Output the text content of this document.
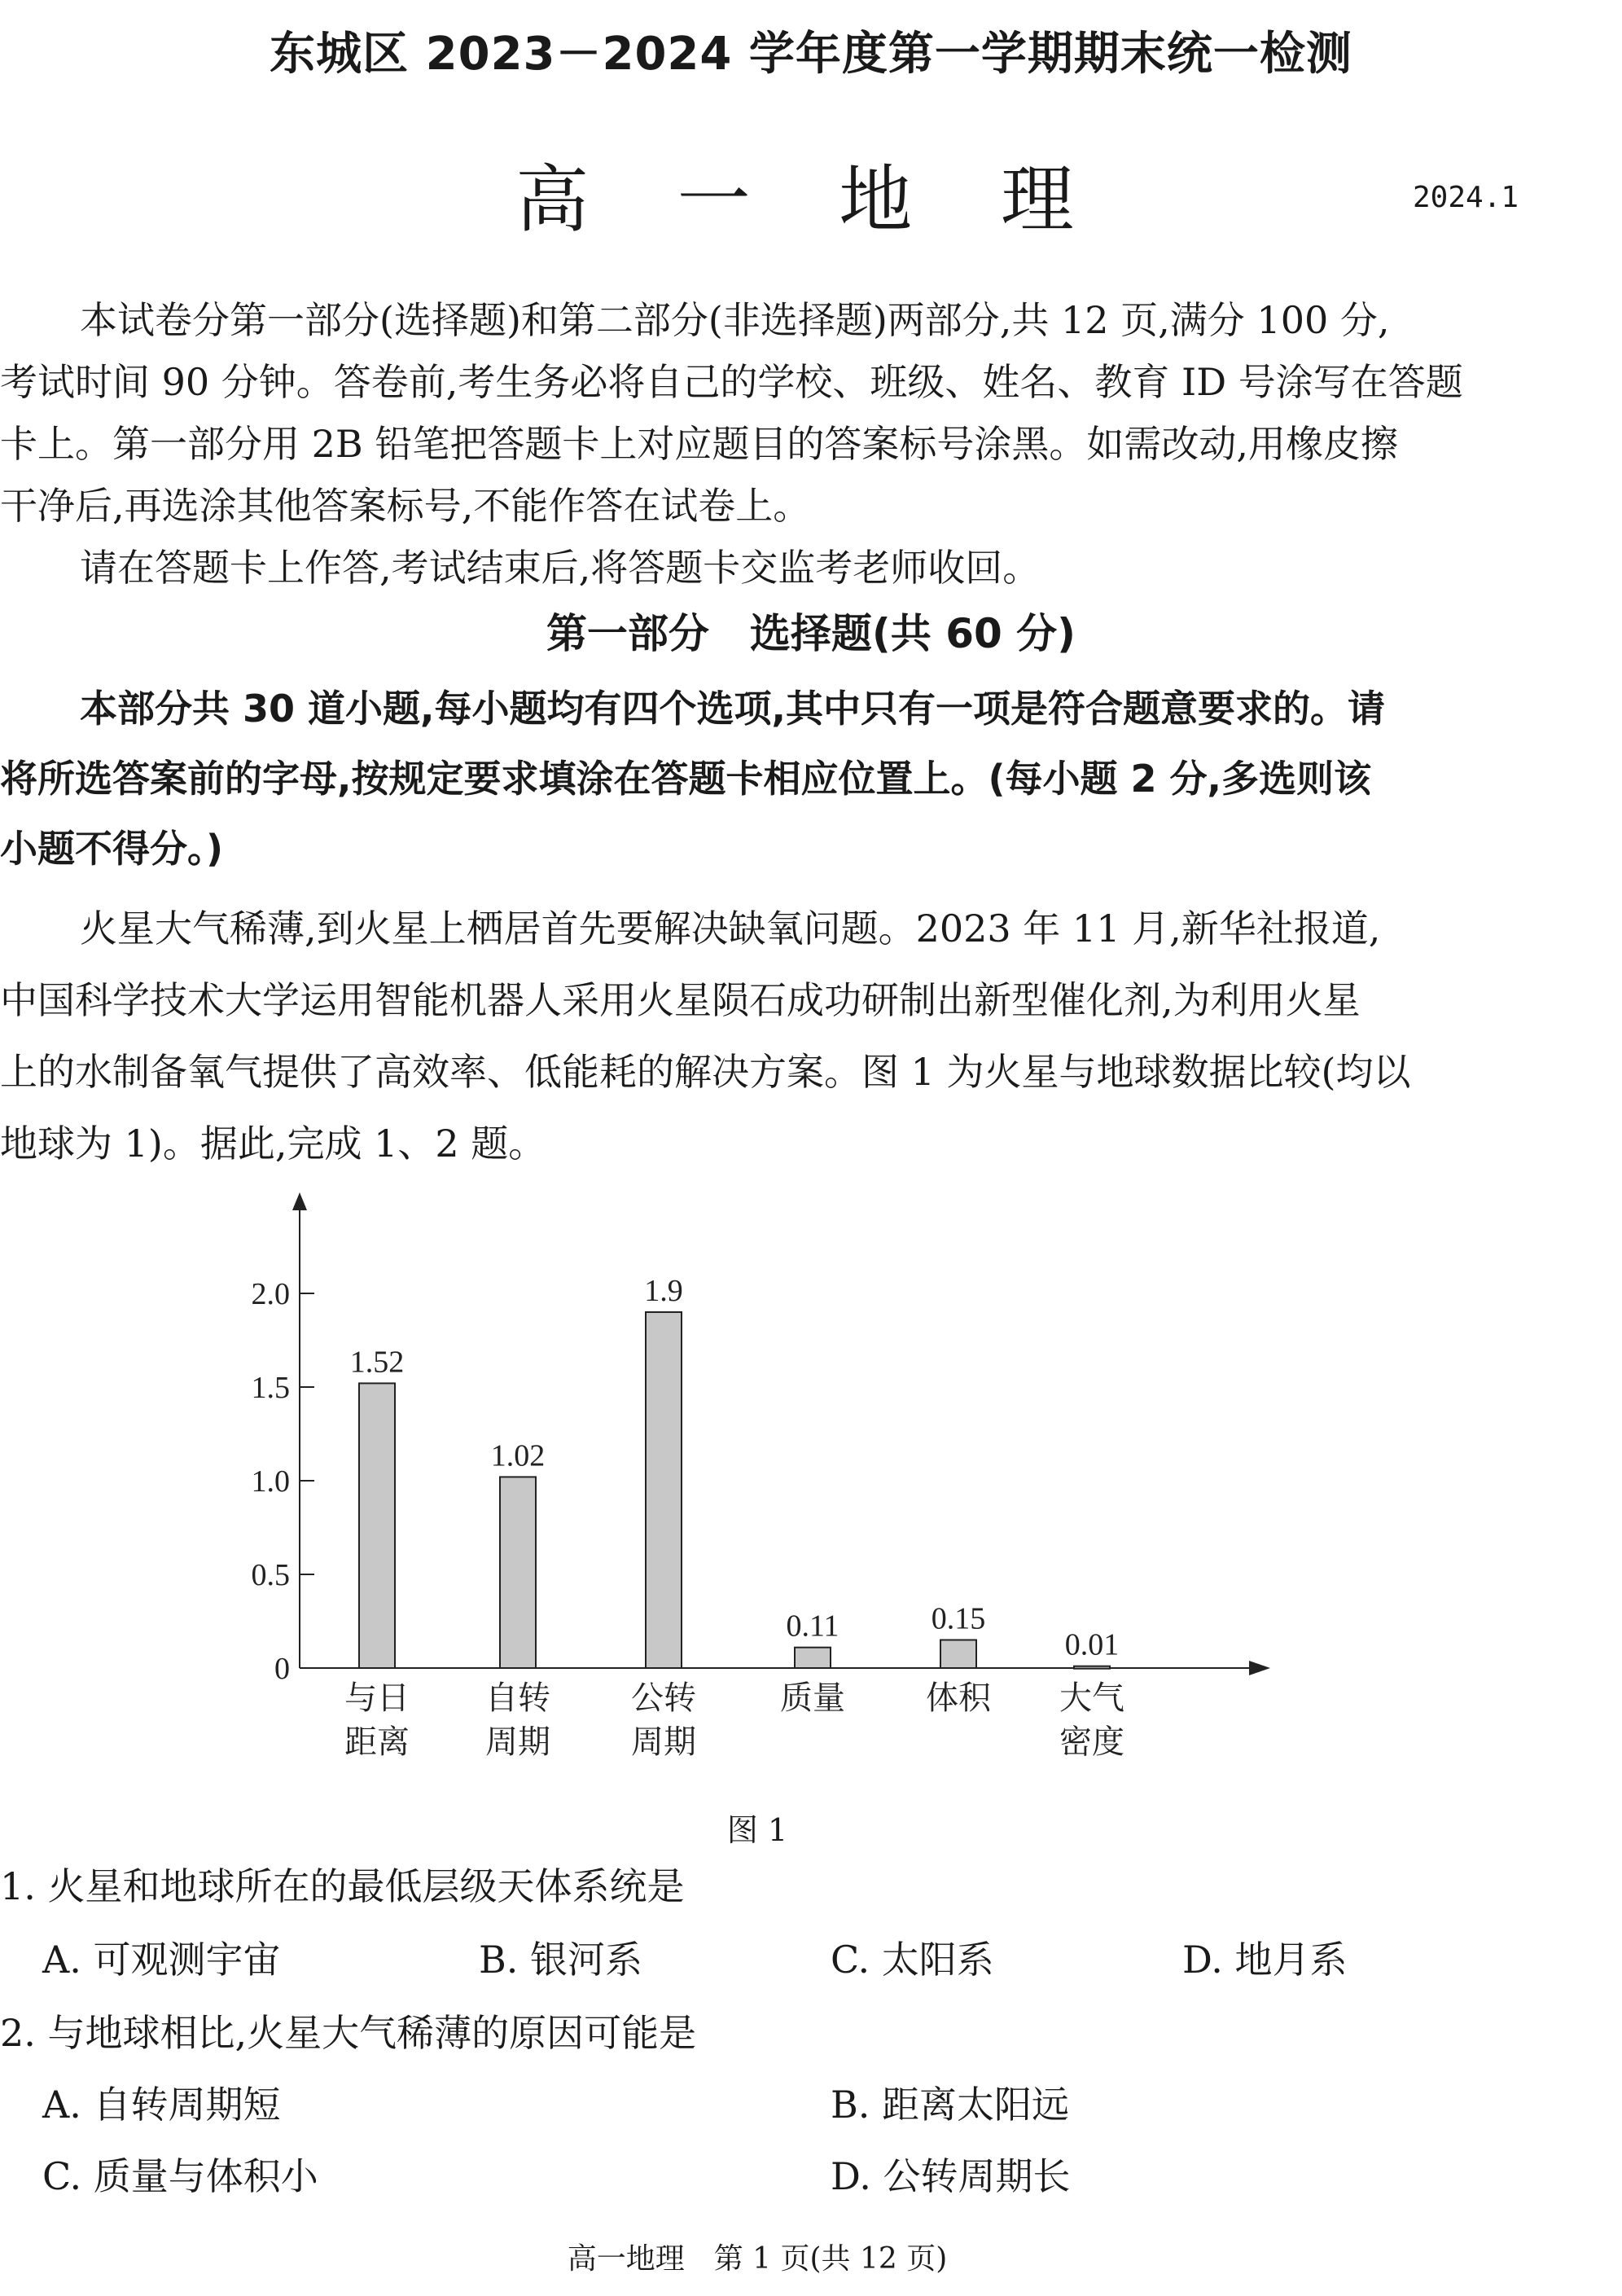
东城区 2023－2024 学年度第一学期期末统一检测
高 一 地 理	2024.1
本试卷分第一部分(选择题)和第二部分(非选择题)两部分,共 12 页,满分 100 分,
考试时间 90 分钟。答卷前,考生务必将自己的学校、班级、姓名、教育 ID 号涂写在答题
卡上。第一部分用 2B 铅笔把答题卡上对应题目的答案标号涂黑。如需改动,用橡皮擦
干净后,再选涂其他答案标号,不能作答在试卷上。
请在答题卡上作答,考试结束后,将答题卡交监考老师收回。
第一部分　选择题(共 60 分)
本部分共 30 道小题,每小题均有四个选项,其中只有一项是符合题意要求的。请
将所选答案前的字母,按规定要求填涂在答题卡相应位置上。(每小题 2 分,多选则该
小题不得分。)
火星大气稀薄,到火星上栖居首先要解决缺氧问题。2023 年 11 月,新华社报道,
中国科学技术大学运用智能机器人采用火星陨石成功研制出新型催化剂,为利用火星
上的水制备氧气提供了高效率、低能耗的解决方案。图 1 为火星与地球数据比较(均以
地球为 1)。据此,完成 1、2 题。
0
0.5
1.0
1.5
2.0
1.52
与日
距离
1.02
自转
周期
1.9
公转
周期
0.11
质量
0.15
体积
0.01
大气
密度
图 1
1. 火星和地球所在的最低层级天体系统是
A. 可观测宇宙	B. 银河系	C. 太阳系	D. 地月系
2. 与地球相比,火星大气稀薄的原因可能是
A. 自转周期短	B. 距离太阳远
C. 质量与体积小	D. 公转周期长
高一地理　第 1 页(共 12 页)
